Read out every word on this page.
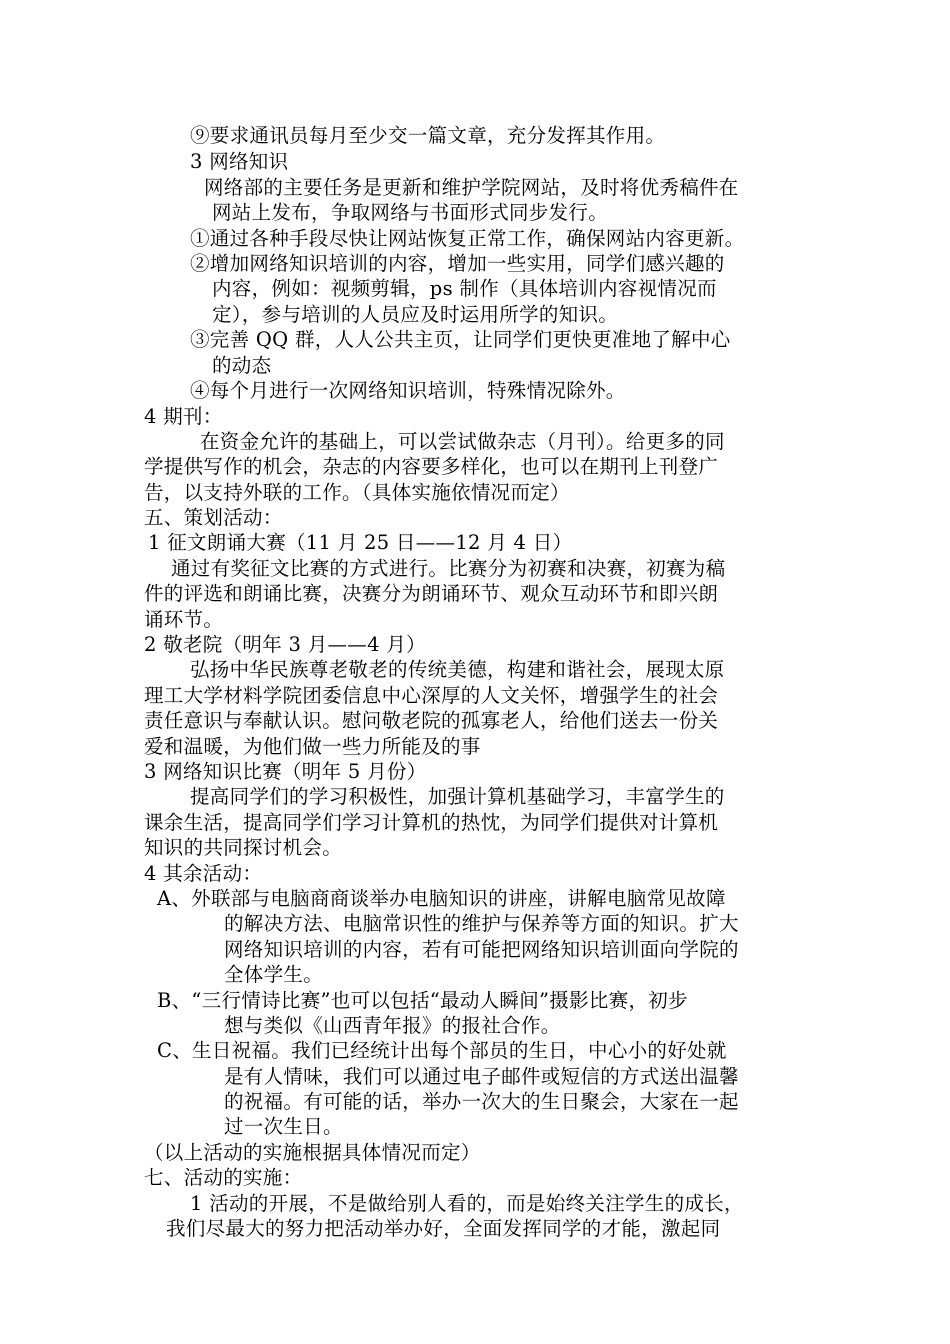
⑨要求通讯员每月至少交一篇文章，充分发挥其作用。
3 网络知识
网络部的主要任务是更新和维护学院网站，及时将优秀稿件在
网站上发布，争取网络与书面形式同步发行。
①通过各种手段尽快让网站恢复正常工作，确保网站内容更新。
②增加网络知识培训的内容，增加一些实用，同学们感兴趣的
内容，例如：视频剪辑，ps 制作（具体培训内容视情况而
定），参与培训的人员应及时运用所学的知识。
③完善 QQ 群，人人公共主页，让同学们更快更准地了解中心
的动态
④每个月进行一次网络知识培训，特殊情况除外。
4 期刊：
在资金允许的基础上，可以尝试做杂志（月刊）。给更多的同
学提供写作的机会，杂志的内容要多样化，也可以在期刊上刊登广
告，以支持外联的工作。（具体实施依情况而定）
五、策划活动：
1 征文朗诵大赛（11 月 25 日——12 月 4 日）
通过有奖征文比赛的方式进行。比赛分为初赛和决赛，初赛为稿
件的评选和朗诵比赛，决赛分为朗诵环节、观众互动环节和即兴朗
诵环节。
2 敬老院（明年 3 月——4 月）
弘扬中华民族尊老敬老的传统美德，构建和谐社会，展现太原
理工大学材料学院团委信息中心深厚的人文关怀，增强学生的社会
责任意识与奉献认识。慰问敬老院的孤寡老人，给他们送去一份关
爱和温暖，为他们做一些力所能及的事
3 网络知识比赛（明年 5 月份）
提高同学们的学习积极性，加强计算机基础学习，丰富学生的
课余生活，提高同学们学习计算机的热忱，为同学们提供对计算机
知识的共同探讨机会。
4 其余活动：
A、外联部与电脑商商谈举办电脑知识的讲座，讲解电脑常见故障
的解决方法、电脑常识性的维护与保养等方面的知识。扩大
网络知识培训的内容，若有可能把网络知识培训面向学院的
全体学生。
B、“三行情诗比赛”也可以包括“最动人瞬间”摄影比赛，初步
想与类似《山西青年报》的报社合作。
C、生日祝福。我们已经统计出每个部员的生日，中心小的好处就
是有人情味，我们可以通过电子邮件或短信的方式送出温馨
的祝福。有可能的话，举办一次大的生日聚会，大家在一起
过一次生日。
（以上活动的实施根据具体情况而定）
七、活动的实施：
1 活动的开展，不是做给别人看的，而是始终关注学生的成长，
我们尽最大的努力把活动举办好，全面发挥同学的才能，激起同
